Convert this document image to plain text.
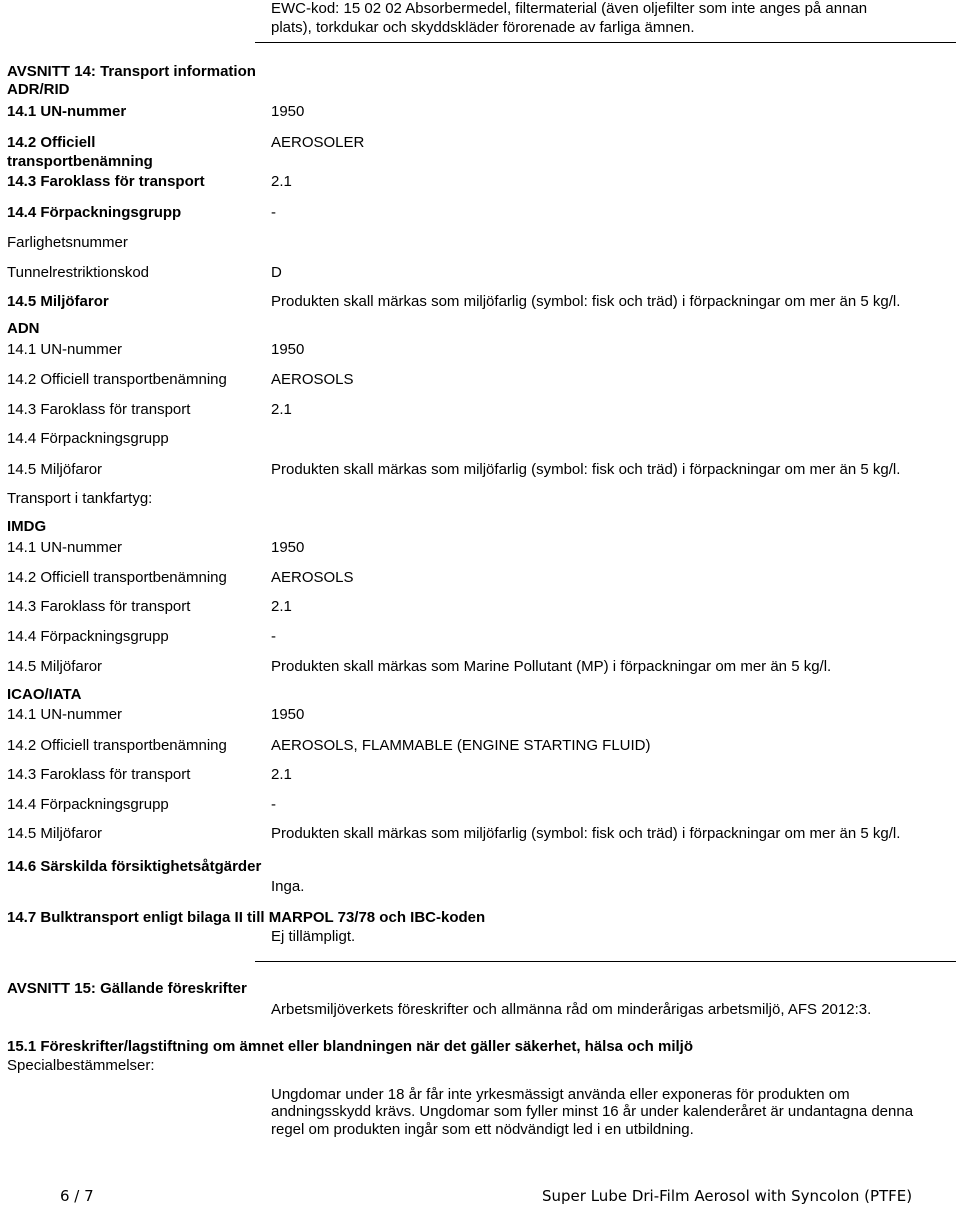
EWC-kod: 15 02 02 Absorbermedel, filtermaterial (även oljefilter som inte anges på annan
plats), torkdukar och skyddskläder förorenade av farliga ämnen.
AVSNITT 14: Transport information
ADR/RID
14.1 UN-nummer	1950
14.2 Officiell	AEROSOLER
transportbenämning
14.3 Faroklass för transport	2.1
14.4 Förpackningsgrupp	-
Farlighetsnummer
Tunnelrestriktionskod	D
14.5 Miljöfaror	Produkten skall märkas som miljöfarlig (symbol: fisk och träd) i förpackningar om mer än 5 kg/l.
ADN
14.1 UN-nummer	1950
14.2 Officiell transportbenämning	AEROSOLS
14.3 Faroklass för transport	2.1
14.4 Förpackningsgrupp
14.5 Miljöfaror	Produkten skall märkas som miljöfarlig (symbol: fisk och träd) i förpackningar om mer än 5 kg/l.
Transport i tankfartyg:
IMDG
14.1 UN-nummer	1950
14.2 Officiell transportbenämning	AEROSOLS
14.3 Faroklass för transport	2.1
14.4 Förpackningsgrupp	-
14.5 Miljöfaror	Produkten skall märkas som Marine Pollutant (MP) i förpackningar om mer än 5 kg/l.
ICAO/IATA
14.1 UN-nummer	1950
14.2 Officiell transportbenämning	AEROSOLS, FLAMMABLE (ENGINE STARTING FLUID)
14.3 Faroklass för transport	2.1
14.4 Förpackningsgrupp	-
14.5 Miljöfaror	Produkten skall märkas som miljöfarlig (symbol: fisk och träd) i förpackningar om mer än 5 kg/l.
14.6 Särskilda försiktighetsåtgärder
Inga.
14.7 Bulktransport enligt bilaga II till MARPOL 73/78 och IBC-koden
Ej tillämpligt.
AVSNITT 15: Gällande föreskrifter
Arbetsmiljöverkets föreskrifter och allmänna råd om minderårigas arbetsmiljö, AFS 2012:3.
15.1 Föreskrifter/lagstiftning om ämnet eller blandningen när det gäller säkerhet, hälsa och miljö
Specialbestämmelser:
Ungdomar under 18 år får inte yrkesmässigt använda eller exponeras för produkten om andningsskydd krävs. Ungdomar som fyller minst 16 år under kalenderåret är undantagna denna regel om produkten ingår som ett nödvändigt led i en utbildning.
6 / 7	Super Lube Dri-Film Aerosol with Syncolon (PTFE)
